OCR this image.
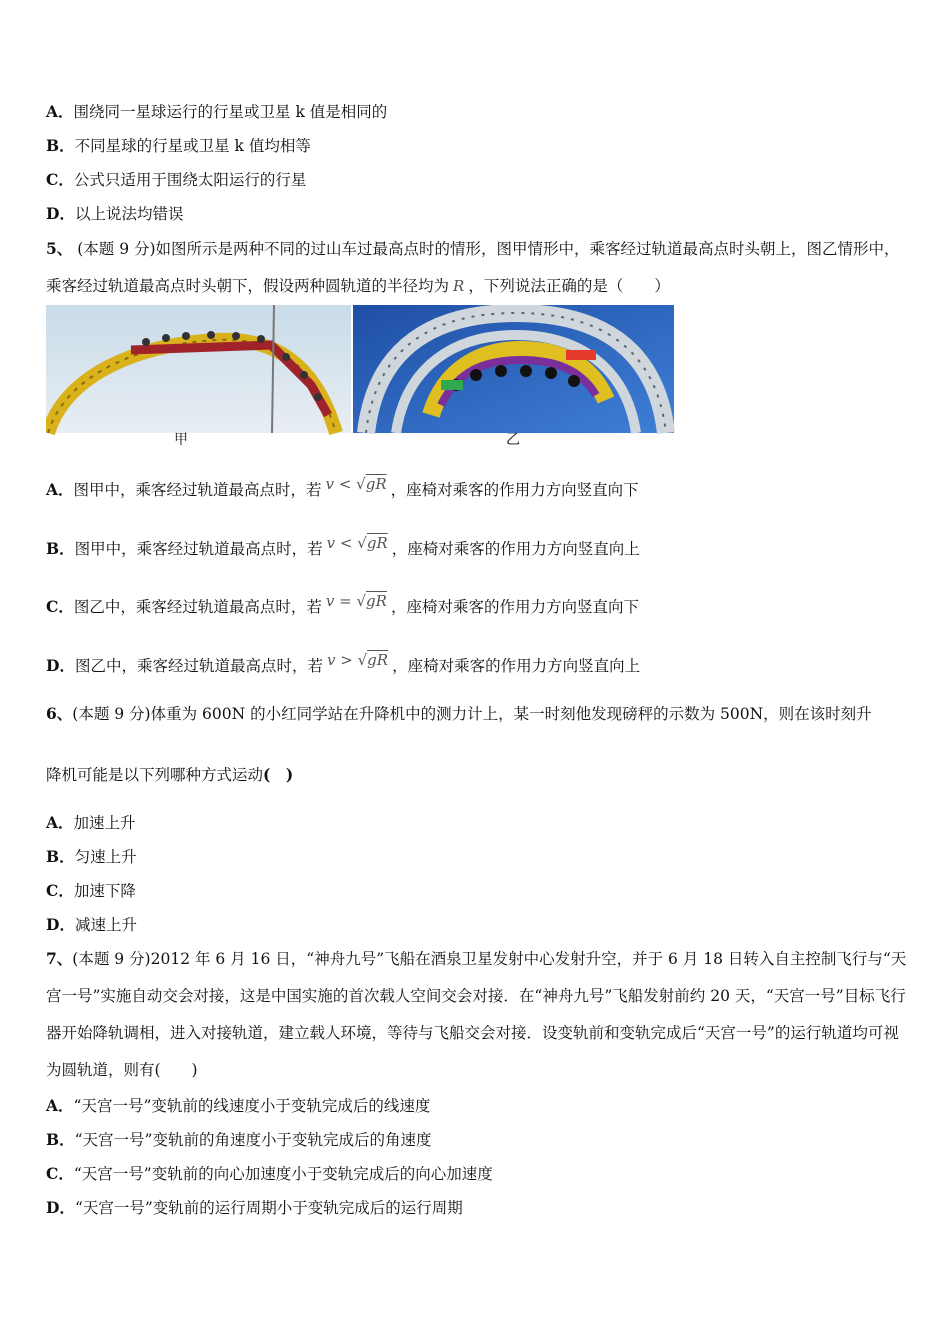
A．围绕同一星球运行的行星或卫星 k 值是相同的
B．不同星球的行星或卫星 k 值均相等
C．公式只适用于围绕太阳运行的行星
D．以上说法均错误
5、 (本题 9 分)如图所示是两种不同的过山车过最高点时的情形，图甲情形中，乘客经过轨道最高点时头朝上，图乙情形中，乘客经过轨道最高点时头朝下，假设两种圆轨道的半径均为 R ，下列说法正确的是（　　）
甲	乙
A．图甲中，乘客经过轨道最高点时，若 v < √gR ，座椅对乘客的作用力方向竖直向下
B．图甲中，乘客经过轨道最高点时，若 v < √gR ，座椅对乘客的作用力方向竖直向上
C．图乙中，乘客经过轨道最高点时，若 v = √gR ，座椅对乘客的作用力方向竖直向下
D．图乙中，乘客经过轨道最高点时，若 v > √gR ，座椅对乘客的作用力方向竖直向上
6、(本题 9 分)体重为 600N 的小红同学站在升降机中的测力计上，某一时刻他发现磅秤的示数为 500N，则在该时刻升
降机可能是以下列哪种方式运动(　)
A．加速上升
B．匀速上升
C．加速下降
D．减速上升
7、(本题 9 分)2012 年 6 月 16 日，“神舟九号”飞船在酒泉卫星发射中心发射升空，并于 6 月 18 日转入自主控制飞行与“天宫一号”实施自动交会对接，这是中国实施的首次载人空间交会对接．在“神舟九号”飞船发射前约 20 天，“天宫一号”目标飞行器开始降轨调相，进入对接轨道，建立载人环境，等待与飞船交会对接．设变轨前和变轨完成后“天宫一号”的运行轨道均可视为圆轨道，则有(　　)
A．“天宫一号”变轨前的线速度小于变轨完成后的线速度
B．“天宫一号”变轨前的角速度小于变轨完成后的角速度
C．“天宫一号”变轨前的向心加速度小于变轨完成后的向心加速度
D．“天宫一号”变轨前的运行周期小于变轨完成后的运行周期
